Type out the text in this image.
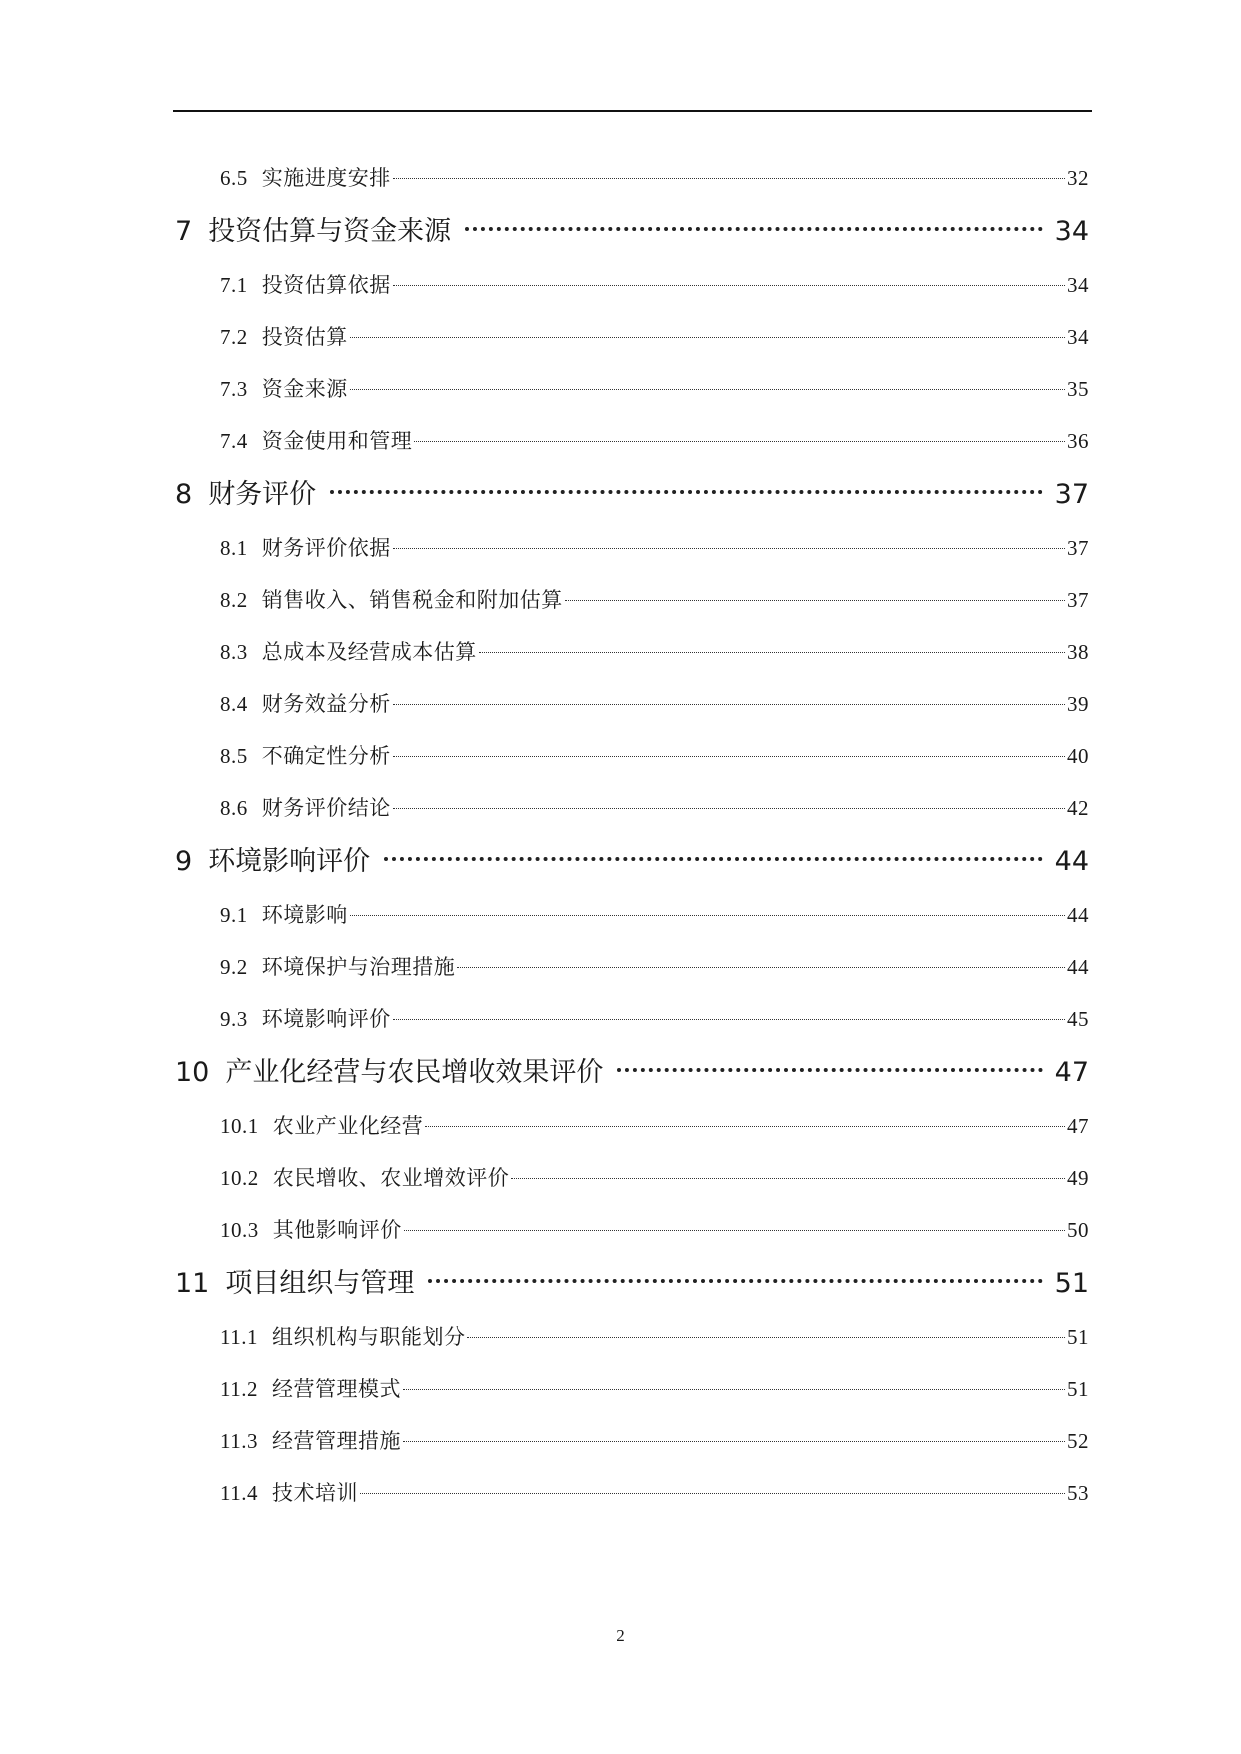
6.5 实施进度安排	32
7 投资估算与资金来源	34
7.1 投资估算依据	34
7.2 投资估算	34
7.3 资金来源	35
7.4 资金使用和管理	36
8 财务评价	37
8.1 财务评价依据	37
8.2 销售收入、销售税金和附加估算	37
8.3 总成本及经营成本估算	38
8.4 财务效益分析	39
8.5 不确定性分析	40
8.6 财务评价结论	42
9 环境影响评价	44
9.1 环境影响	44
9.2 环境保护与治理措施	44
9.3 环境影响评价	45
10 产业化经营与农民增收效果评价	47
10.1 农业产业化经营	47
10.2 农民增收、农业增效评价	49
10.3 其他影响评价	50
11 项目组织与管理	51
11.1 组织机构与职能划分	51
11.2 经营管理模式	51
11.3 经营管理措施	52
11.4 技术培训	53
2
